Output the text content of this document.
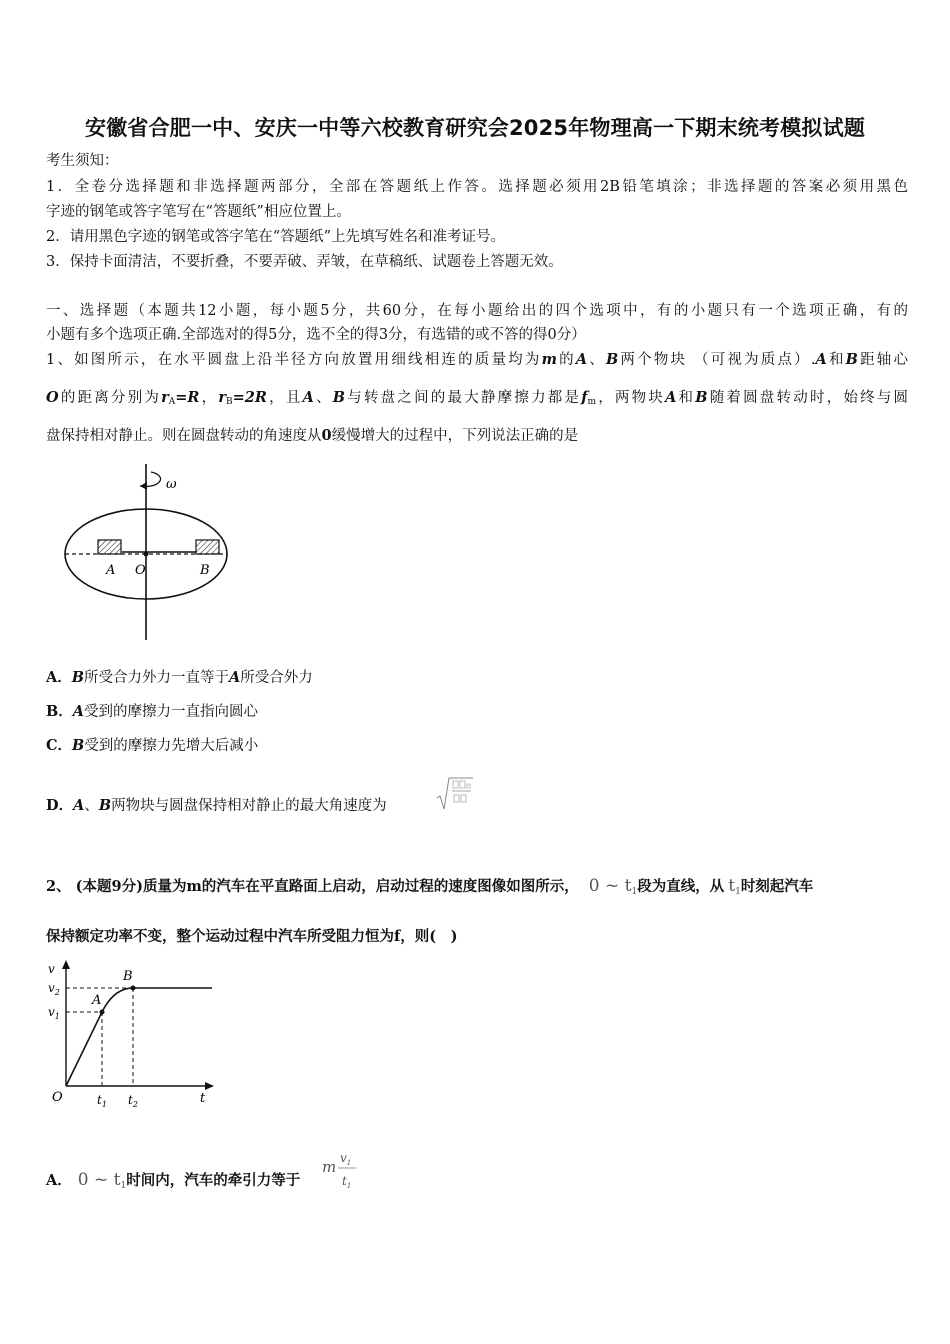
安徽省合肥一中、安庆一中等六校教育研究会2025年物理高一下期末统考模拟试题
考生须知：
1．全卷分选择题和非选择题两部分，全部在答题纸上作答。选择题必须用2B铅笔填涂；非选择题的答案必须用黑色
字迹的钢笔或答字笔写在“答题纸”相应位置上。
2．请用黑色字迹的钢笔或答字笔在“答题纸”上先填写姓名和准考证号。
3．保持卡面清洁，不要折叠，不要弄破、弄皱，在草稿纸、试题卷上答题无效。
一、选择题（本题共12小题，每小题5分，共60分，在每小题给出的四个选项中，有的小题只有一个选项正确，有的
小题有多个选项正确.全部选对的得5分，选不全的得3分，有选错的或不答的得0分）
1、如图所示，在水平圆盘上沿半径方向放置用细线相连的质量均为m的A、B两个物块 （可视为质点）.A和B距轴心
O的距离分别为$r_A=R$，$r_B=2R$，且A、B与转盘之间的最大静摩擦力都是$f_m$，两物块A和B随着圆盘转动时，始终与圆
盘保持相对静止。则在圆盘转动的角速度从0缓慢增大的过程中，下列说法正确的是
ω
A O	B
A．B所受合力外力一直等于A所受合外力
B．A受到的摩擦力一直指向圆心
C．B受到的摩擦力先增大后减小
D．A、B两物块与圆盘保持相对静止的最大角速度为
2、 (本题9分)质量为m的汽车在平直路面上启动，启动过程的速度图像如图所示， 0 ~ $t_1$段为直线，从 $t_1$时刻起汽车
保持额定功率不变，整个运动过程中汽车所受阻力恒为f，则(　)
v
$v_2$
$v_1$
A
B
O	$t_1$ $t_2$	t
A． 0 ~ $t_1$时间内，汽车的牵引力等于
m $v_1$
$t_1$
